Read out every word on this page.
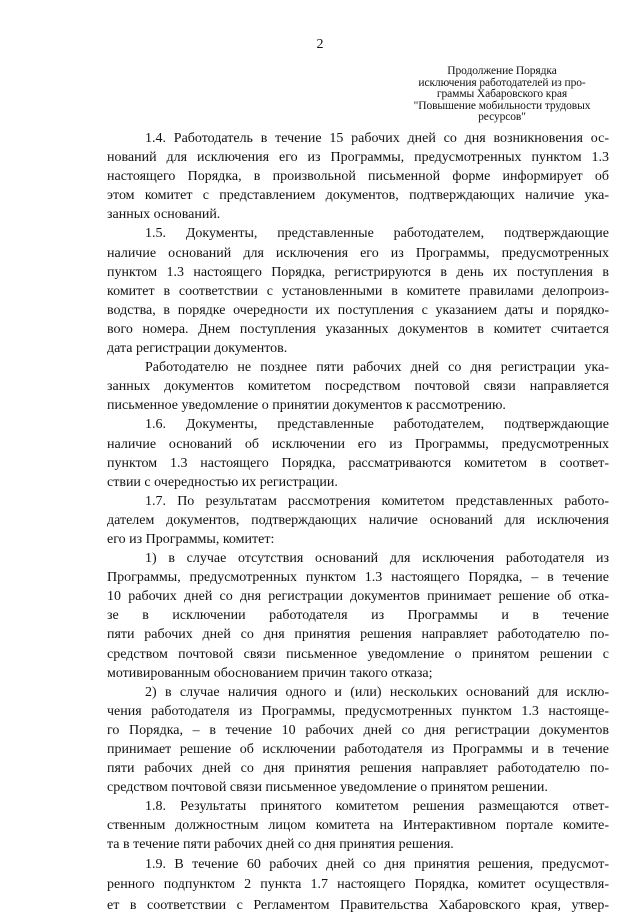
2
Продолжение Порядка
исключения работодателей из про-
граммы Хабаровского края
"Повышение мобильности трудовых
ресурсов"
1.4. Работодатель в течение 15 рабочих дней со дня возникновения ос-
нований для исключения его из Программы, предусмотренных пунктом 1.3
настоящего Порядка, в произвольной письменной форме информирует об
этом комитет с представлением документов, подтверждающих наличие ука-
занных оснований.
1.5. Документы, представленные работодателем, подтверждающие
наличие оснований для исключения его из Программы, предусмотренных
пунктом 1.3 настоящего Порядка, регистрируются в день их поступления в
комитет в соответствии с установленными в комитете правилами делопроиз-
водства, в порядке очередности их поступления с указанием даты и порядко-
вого номера. Днем поступления указанных документов в комитет считается
дата регистрации документов.
Работодателю не позднее пяти рабочих дней со дня регистрации ука-
занных документов комитетом посредством почтовой связи направляется
письменное уведомление о принятии документов к рассмотрению.
1.6. Документы, представленные работодателем, подтверждающие
наличие оснований об исключении его из Программы, предусмотренных
пунктом 1.3 настоящего Порядка, рассматриваются комитетом в соответ-
ствии с очередностью их регистрации.
1.7. По результатам рассмотрения комитетом представленных работо-
дателем документов, подтверждающих наличие оснований для исключения
его из Программы, комитет:
1) в случае отсутствия оснований для исключения работодателя из
Программы, предусмотренных пунктом 1.3 настоящего Порядка, – в течение
10 рабочих дней со дня регистрации документов принимает решение об отка-
зе в исключении работодателя из Программы и в течение
пяти рабочих дней со дня принятия решения направляет работодателю по-
средством почтовой связи письменное уведомление о принятом решении с
мотивированным обоснованием причин такого отказа;
2) в случае наличия одного и (или) нескольких оснований для исклю-
чения работодателя из Программы, предусмотренных пунктом 1.3 настояще-
го Порядка, – в течение 10 рабочих дней со дня регистрации документов
принимает решение об исключении работодателя из Программы и в течение
пяти рабочих дней со дня принятия решения направляет работодателю по-
средством почтовой связи письменное уведомление о принятом решении.
1.8. Результаты принятого комитетом решения размещаются ответ-
ственным должностным лицом комитета на Интерактивном портале комите-
та в течение пяти рабочих дней со дня принятия решения.
1.9. В течение 60 рабочих дней со дня принятия решения, предусмот-
ренного подпунктом 2 пункта 1.7 настоящего Порядка, комитет осуществля-
ет в соответствии с Регламентом Правительства Хабаровского края, утвер-
